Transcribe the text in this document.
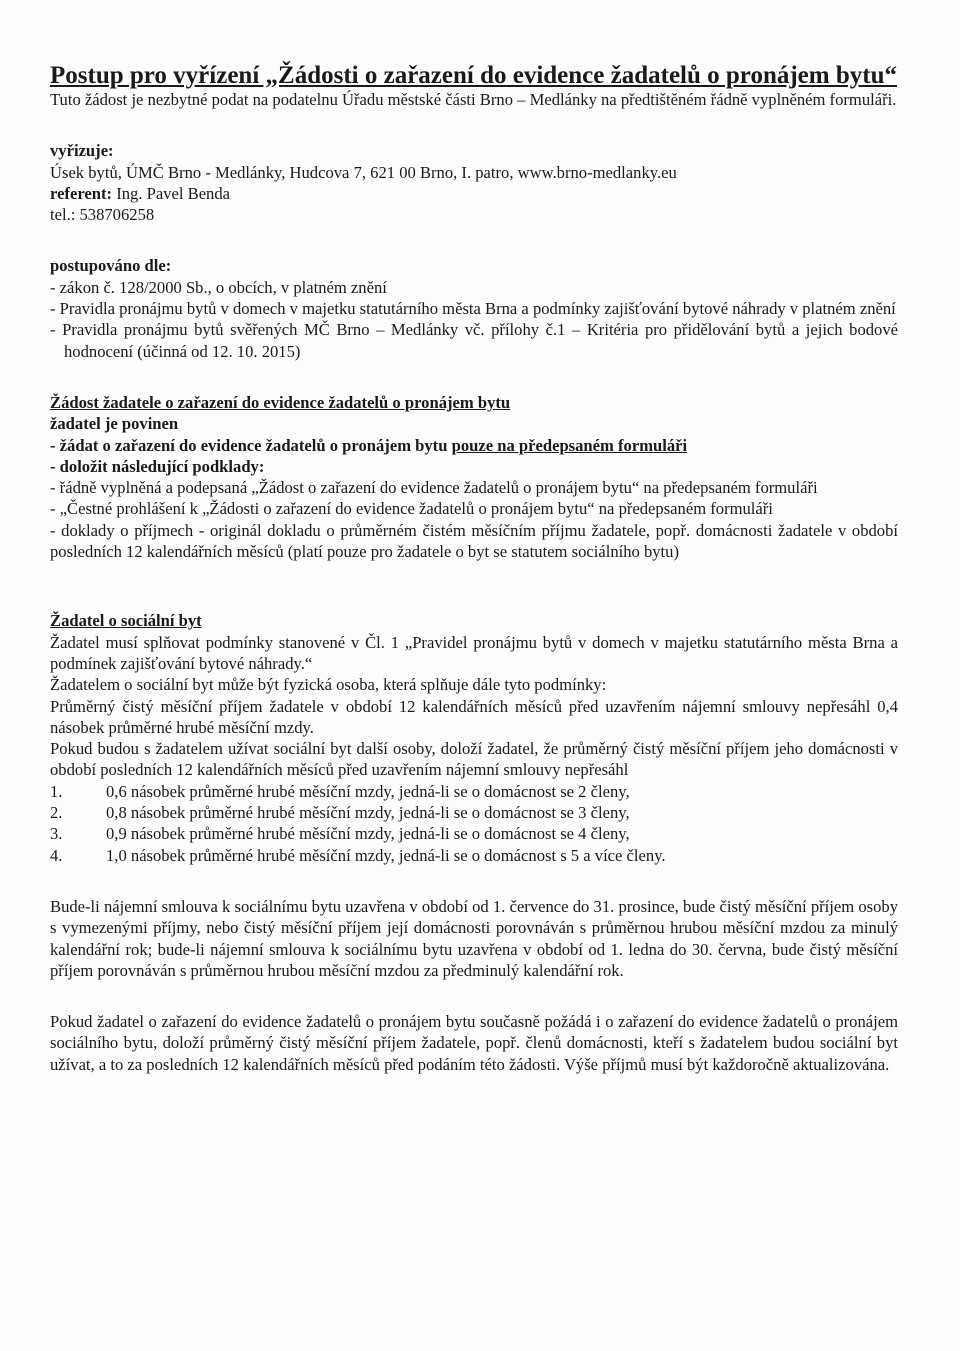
Postup pro vyřízení „Žádosti o zařazení do evidence žadatelů o pronájem bytu“

Tuto žádost je nezbytné podat na podatelnu Úřadu městské části Brno – Medlánky na předtištěném řádně vyplněném formuláři.

vyřizuje:

Úsek bytů, ÚMČ Brno - Medlánky, Hudcova 7, 621 00 Brno, I. patro, www.brno-medlanky.eu

referent: Ing. Pavel Benda

tel.: 538706258

postupováno dle:

- zákon č. 128/2000 Sb., o obcích, v platném znění

- Pravidla pronájmu bytů v domech v majetku statutárního města Brna a podmínky zajišťování bytové náhrady v platném znění

- Pravidla pronájmu bytů svěřených MČ Brno – Medlánky vč. přílohy č.1 – Kritéria pro přidělování bytů a jejich bodové hodnocení (účinná od 12. 10. 2015)

Žádost žadatele o zařazení do evidence žadatelů o pronájem bytu

žadatel je povinen

- žádat o zařazení do evidence žadatelů o pronájem bytu pouze na předepsaném formuláři

- doložit následující podklady:

- řádně vyplněná a podepsaná „Žádost o zařazení do evidence žadatelů o pronájem bytu“ na předepsaném formuláři

- „Čestné prohlášení k „Žádosti o zařazení do evidence žadatelů o pronájem bytu“ na předepsaném formuláři

- doklady o příjmech - originál dokladu o průměrném čistém měsíčním příjmu žadatele, popř. domácnosti žadatele v období posledních 12 kalendářních měsíců (platí pouze pro žadatele o byt se statutem sociálního bytu)

Žadatel o sociální byt

Žadatel musí splňovat podmínky stanovené v Čl. 1 „Pravidel pronájmu bytů v domech v majetku statutárního města Brna a podmínek zajišťování bytové náhrady.“

Žadatelem o sociální byt může být fyzická osoba, která splňuje dále tyto podmínky:

Průměrný čistý měsíční příjem žadatele v období 12 kalendářních měsíců před uzavřením nájemní smlouvy nepřesáhl 0,4 násobek průměrné hrubé měsíční mzdy.

Pokud budou s žadatelem užívat sociální byt další osoby, doloží žadatel, že průměrný čistý měsíční příjem jeho domácnosti v období posledních 12 kalendářních měsíců před uzavřením nájemní smlouvy nepřesáhl

1.	0,6 násobek průměrné hrubé měsíční mzdy, jedná-li se o domácnost se 2 členy,
2.	0,8 násobek průměrné hrubé měsíční mzdy, jedná-li se o domácnost se 3 členy,
3.	0,9 násobek průměrné hrubé měsíční mzdy, jedná-li se o domácnost se 4 členy,
4.	1,0 násobek průměrné hrubé měsíční mzdy, jedná-li se o domácnost s 5 a více členy.

Bude-li nájemní smlouva k sociálnímu bytu uzavřena v období od 1. července do 31. prosince, bude čistý měsíční příjem osoby s vymezenými příjmy, nebo čistý měsíční příjem její domácnosti porovnáván s průměrnou hrubou měsíční mzdou za minulý kalendářní rok; bude-li nájemní smlouva k sociálnímu bytu uzavřena v období od 1. ledna do 30. června, bude čistý měsíční příjem porovnáván s průměrnou hrubou měsíční mzdou za předminulý kalendářní rok.

Pokud žadatel o zařazení do evidence žadatelů o pronájem bytu současně požádá i o zařazení do evidence žadatelů o pronájem sociálního bytu, doloží průměrný čistý měsíční příjem žadatele, popř. členů domácnosti, kteří s žadatelem budou sociální byt užívat, a to za posledních 12 kalendářních měsíců před podáním této žádosti. Výše příjmů musí být každoročně aktualizována.
